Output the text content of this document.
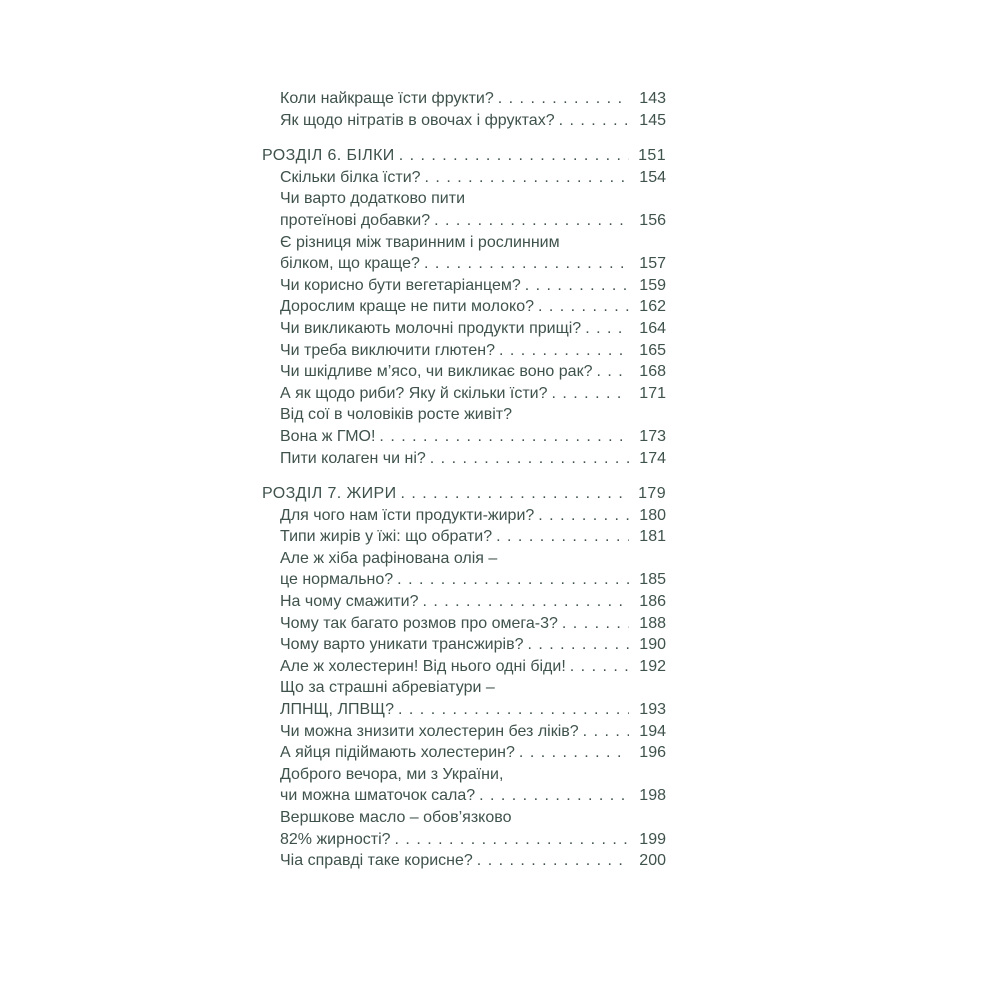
Коли найкраще їсти фрукти? . . .	143
Як щодо нітратів в овочах і фруктах? . . .	145
РОЗДІЛ 6. БІЛКИ . . .	151
Скільки білка їсти? . . .	154
Чи варто додатково пити
протеїнові добавки? . . .	156
Є різниця між тваринним і рослинним
білком, що краще? . . .	157
Чи корисно бути вегетаріанцем? . . .	159
Дорослим краще не пити молоко? . . .	162
Чи викликають молочні продукти прищі? . . .	164
Чи треба виключити глютен? . . .	165
Чи шкідливе м’ясо, чи викликає воно рак? . . .	168
А як щодо риби? Яку й скільки їсти? . . .	171
Від сої в чоловіків росте живіт?
Вона ж ГМО! . . .	173
Пити колаген чи ні? . . .	174
РОЗДІЛ 7. ЖИРИ . . .	179
Для чого нам їсти продукти-жири? . . .	180
Типи жирів у їжі: що обрати? . . .	181
Але ж хіба рафінована олія –
це нормально? . . .	185
На чому смажити? . . .	186
Чому так багато розмов про омега-3? . . .	188
Чому варто уникати трансжирів? . . .	190
Але ж холестерин! Від нього одні біди! . . .	192
Що за страшні абревіатури –
ЛПНЩ, ЛПВЩ? . . .	193
Чи можна знизити холестерин без ліків? . . .	194
А яйця підіймають холестерин? . . .	196
Доброго вечора, ми з України,
чи можна шматочок сала? . . .	198
Вершкове масло – обов’язково
82% жирності? . . .	199
Чіа справді таке корисне? . . .	200
